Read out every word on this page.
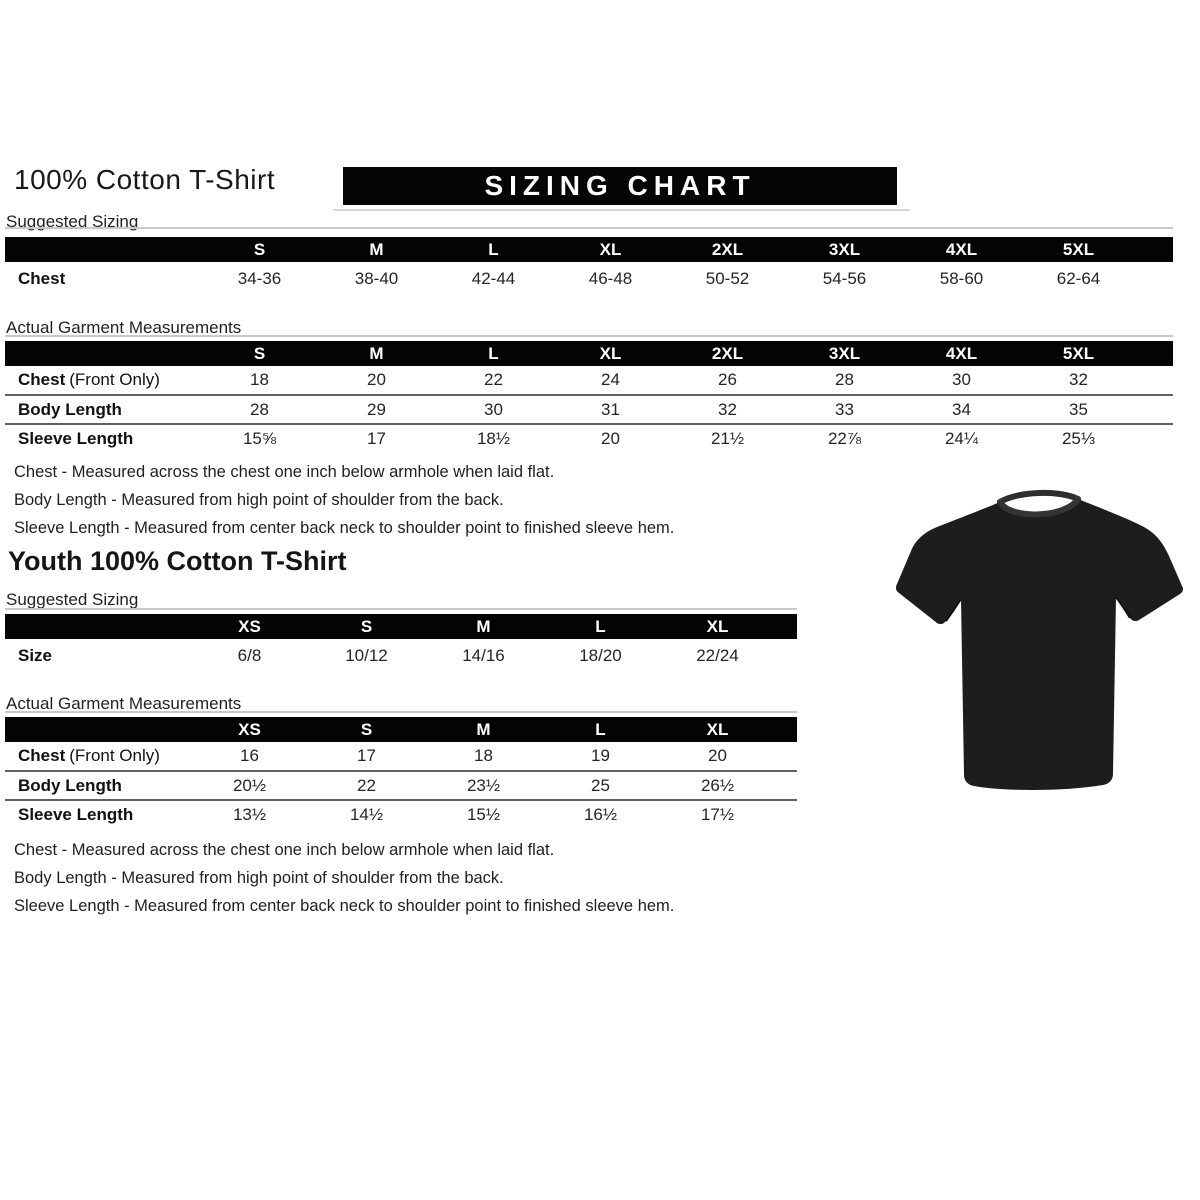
100% Cotton T-Shirt	SIZING CHART
Suggested Sizing
	S	M	L	XL	2XL	3XL	4XL	5XL	
Chest	34-36	38-40	42-44	46-48	50-52	54-56	58-60	62-64	
Actual Garment Measurements
	S	M	L	XL	2XL	3XL	4XL	5XL	
Chest (Front Only)	18	20	22	24	26	28	30	32	
Body Length	28	29	30	31	32	33	34	35	
Sleeve Length	15⅝	17	18½	20	21½	22⅞	24¼	25⅓	

Chest - Measured across the chest one inch below armhole when laid flat.

Body Length - Measured from high point of shoulder from the back.

Sleeve Length - Measured from center back neck to shoulder point to finished sleeve hem.

Youth 100% Cotton T-Shirt
Suggested Sizing
	XS	S	M	L	XL	
Size	6/8	10/12	14/16	18/20	22/24	
Actual Garment Measurements
	XS	S	M	L	XL	
Chest (Front Only)	16	17	18	19	20	
Body Length	20½	22	23½	25	26½	
Sleeve Length	13½	14½	15½	16½	17½	

Chest - Measured across the chest one inch below armhole when laid flat.

Body Length - Measured from high point of shoulder from the back.

Sleeve Length - Measured from center back neck to shoulder point to finished sleeve hem.
